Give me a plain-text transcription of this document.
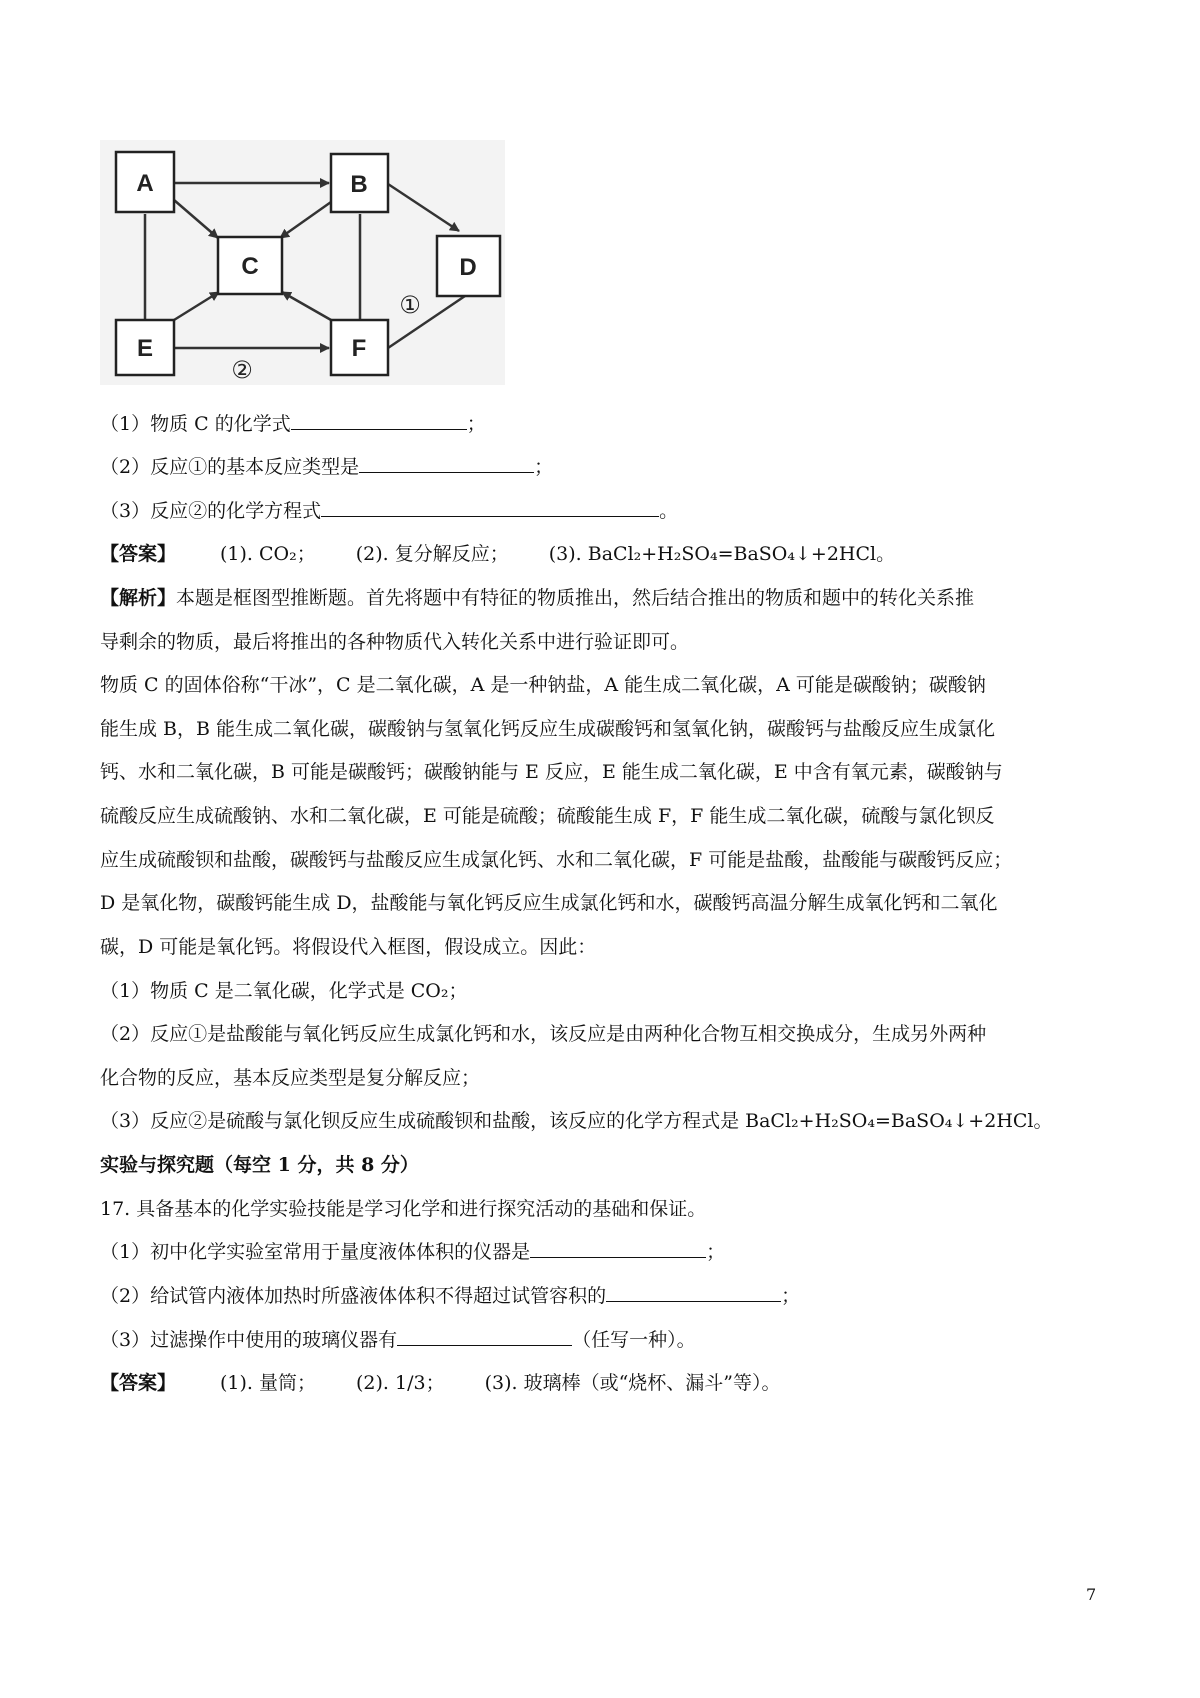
A	B
C	D
E	F
①
②
（1）物质 C 的化学式	；
（2）反应①的基本反应类型是	；
（3）反应②的化学方程式	。
【答案】 (1). CO₂； (2). 复分解反应； (3). BaCl₂+H₂SO₄=BaSO₄↓+2HCl。
【解析】本题是框图型推断题。首先将题中有特征的物质推出，然后结合推出的物质和题中的转化关系推
导剩余的物质，最后将推出的各种物质代入转化关系中进行验证即可。
物质 C 的固体俗称“干冰”，C 是二氧化碳，A 是一种钠盐，A 能生成二氧化碳，A 可能是碳酸钠；碳酸钠
能生成 B，B 能生成二氧化碳，碳酸钠与氢氧化钙反应生成碳酸钙和氢氧化钠，碳酸钙与盐酸反应生成氯化
钙、水和二氧化碳，B 可能是碳酸钙；碳酸钠能与 E 反应，E 能生成二氧化碳，E 中含有氧元素，碳酸钠与
硫酸反应生成硫酸钠、水和二氧化碳，E 可能是硫酸；硫酸能生成 F，F 能生成二氧化碳，硫酸与氯化钡反
应生成硫酸钡和盐酸，碳酸钙与盐酸反应生成氯化钙、水和二氧化碳，F 可能是盐酸，盐酸能与碳酸钙反应；
D 是氧化物，碳酸钙能生成 D，盐酸能与氧化钙反应生成氯化钙和水，碳酸钙高温分解生成氧化钙和二氧化
碳，D 可能是氧化钙。将假设代入框图，假设成立。因此：
（1）物质 C 是二氧化碳，化学式是 CO₂；
（2）反应①是盐酸能与氧化钙反应生成氯化钙和水，该反应是由两种化合物互相交换成分，生成另外两种
化合物的反应，基本反应类型是复分解反应；
（3）反应②是硫酸与氯化钡反应生成硫酸钡和盐酸，该反应的化学方程式是 BaCl₂+H₂SO₄=BaSO₄↓+2HCl。
实验与探究题（每空 1 分，共 8 分）
17. 具备基本的化学实验技能是学习化学和进行探究活动的基础和保证。
（1）初中化学实验室常用于量度液体体积的仪器是	；
（2）给试管内液体加热时所盛液体体积不得超过试管容积的	；
（3）过滤操作中使用的玻璃仪器有	（任写一种）。
【答案】 (1). 量筒； (2). 1/3； (3). 玻璃棒（或“烧杯、漏斗”等）。
7
